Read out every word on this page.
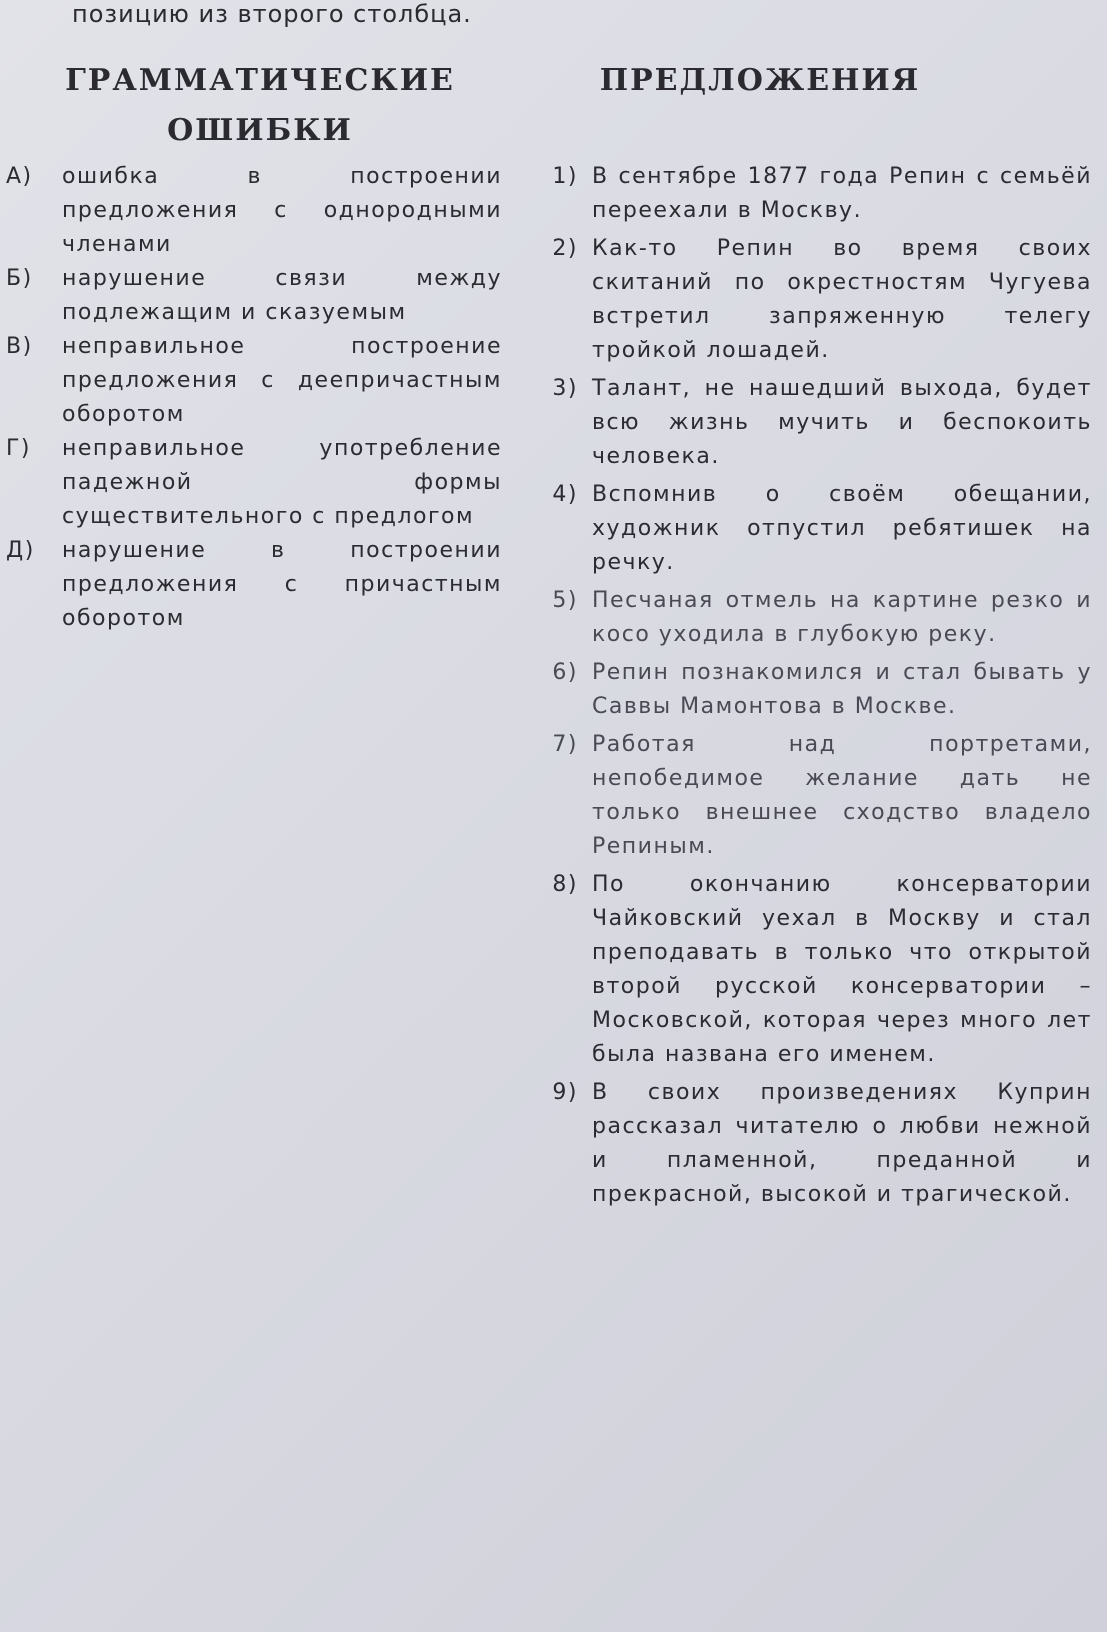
позицию из второго столбца.
ГРАММАТИЧЕСКИЕ ОШИБКИ
А)	ошибка в построении предложения с однородными членами
Б)	нарушение связи между подлежащим и сказуемым
В)	неправильное построение предложения с деепричастным оборотом
Г)	неправильное употребление падежной формы существительного с предлогом
Д)	нарушение в построении предложения с причастным оборотом
ПРЕДЛОЖЕНИЯ
1) В сентябре 1877 года Репин с семьёй переехали в Москву.
2) Как-то Репин во время своих скитаний по окрестностям Чугуева встретил запряженную телегу тройкой лошадей.
3) Талант, не нашедший выхода, будет всю жизнь мучить и беспокоить человека.
4) Вспомнив о своём обещании, художник отпустил ребятишек на речку.
5) Песчаная отмель на картине резко и косо уходила в глубокую реку.
6) Репин познакомился и стал бывать у Саввы Мамонтова в Москве.
7) Работая над портретами, непобедимое желание дать не только внешнее сходство владело Репиным.
8) По окончанию консерватории Чайковский уехал в Москву и стал преподавать в только что открытой второй русской консерватории – Московской, которая через много лет была названа его именем.
9) В своих произведениях Куприн рассказал читателю о любви нежной и пламенной, преданной и прекрасной, высокой и трагической.
